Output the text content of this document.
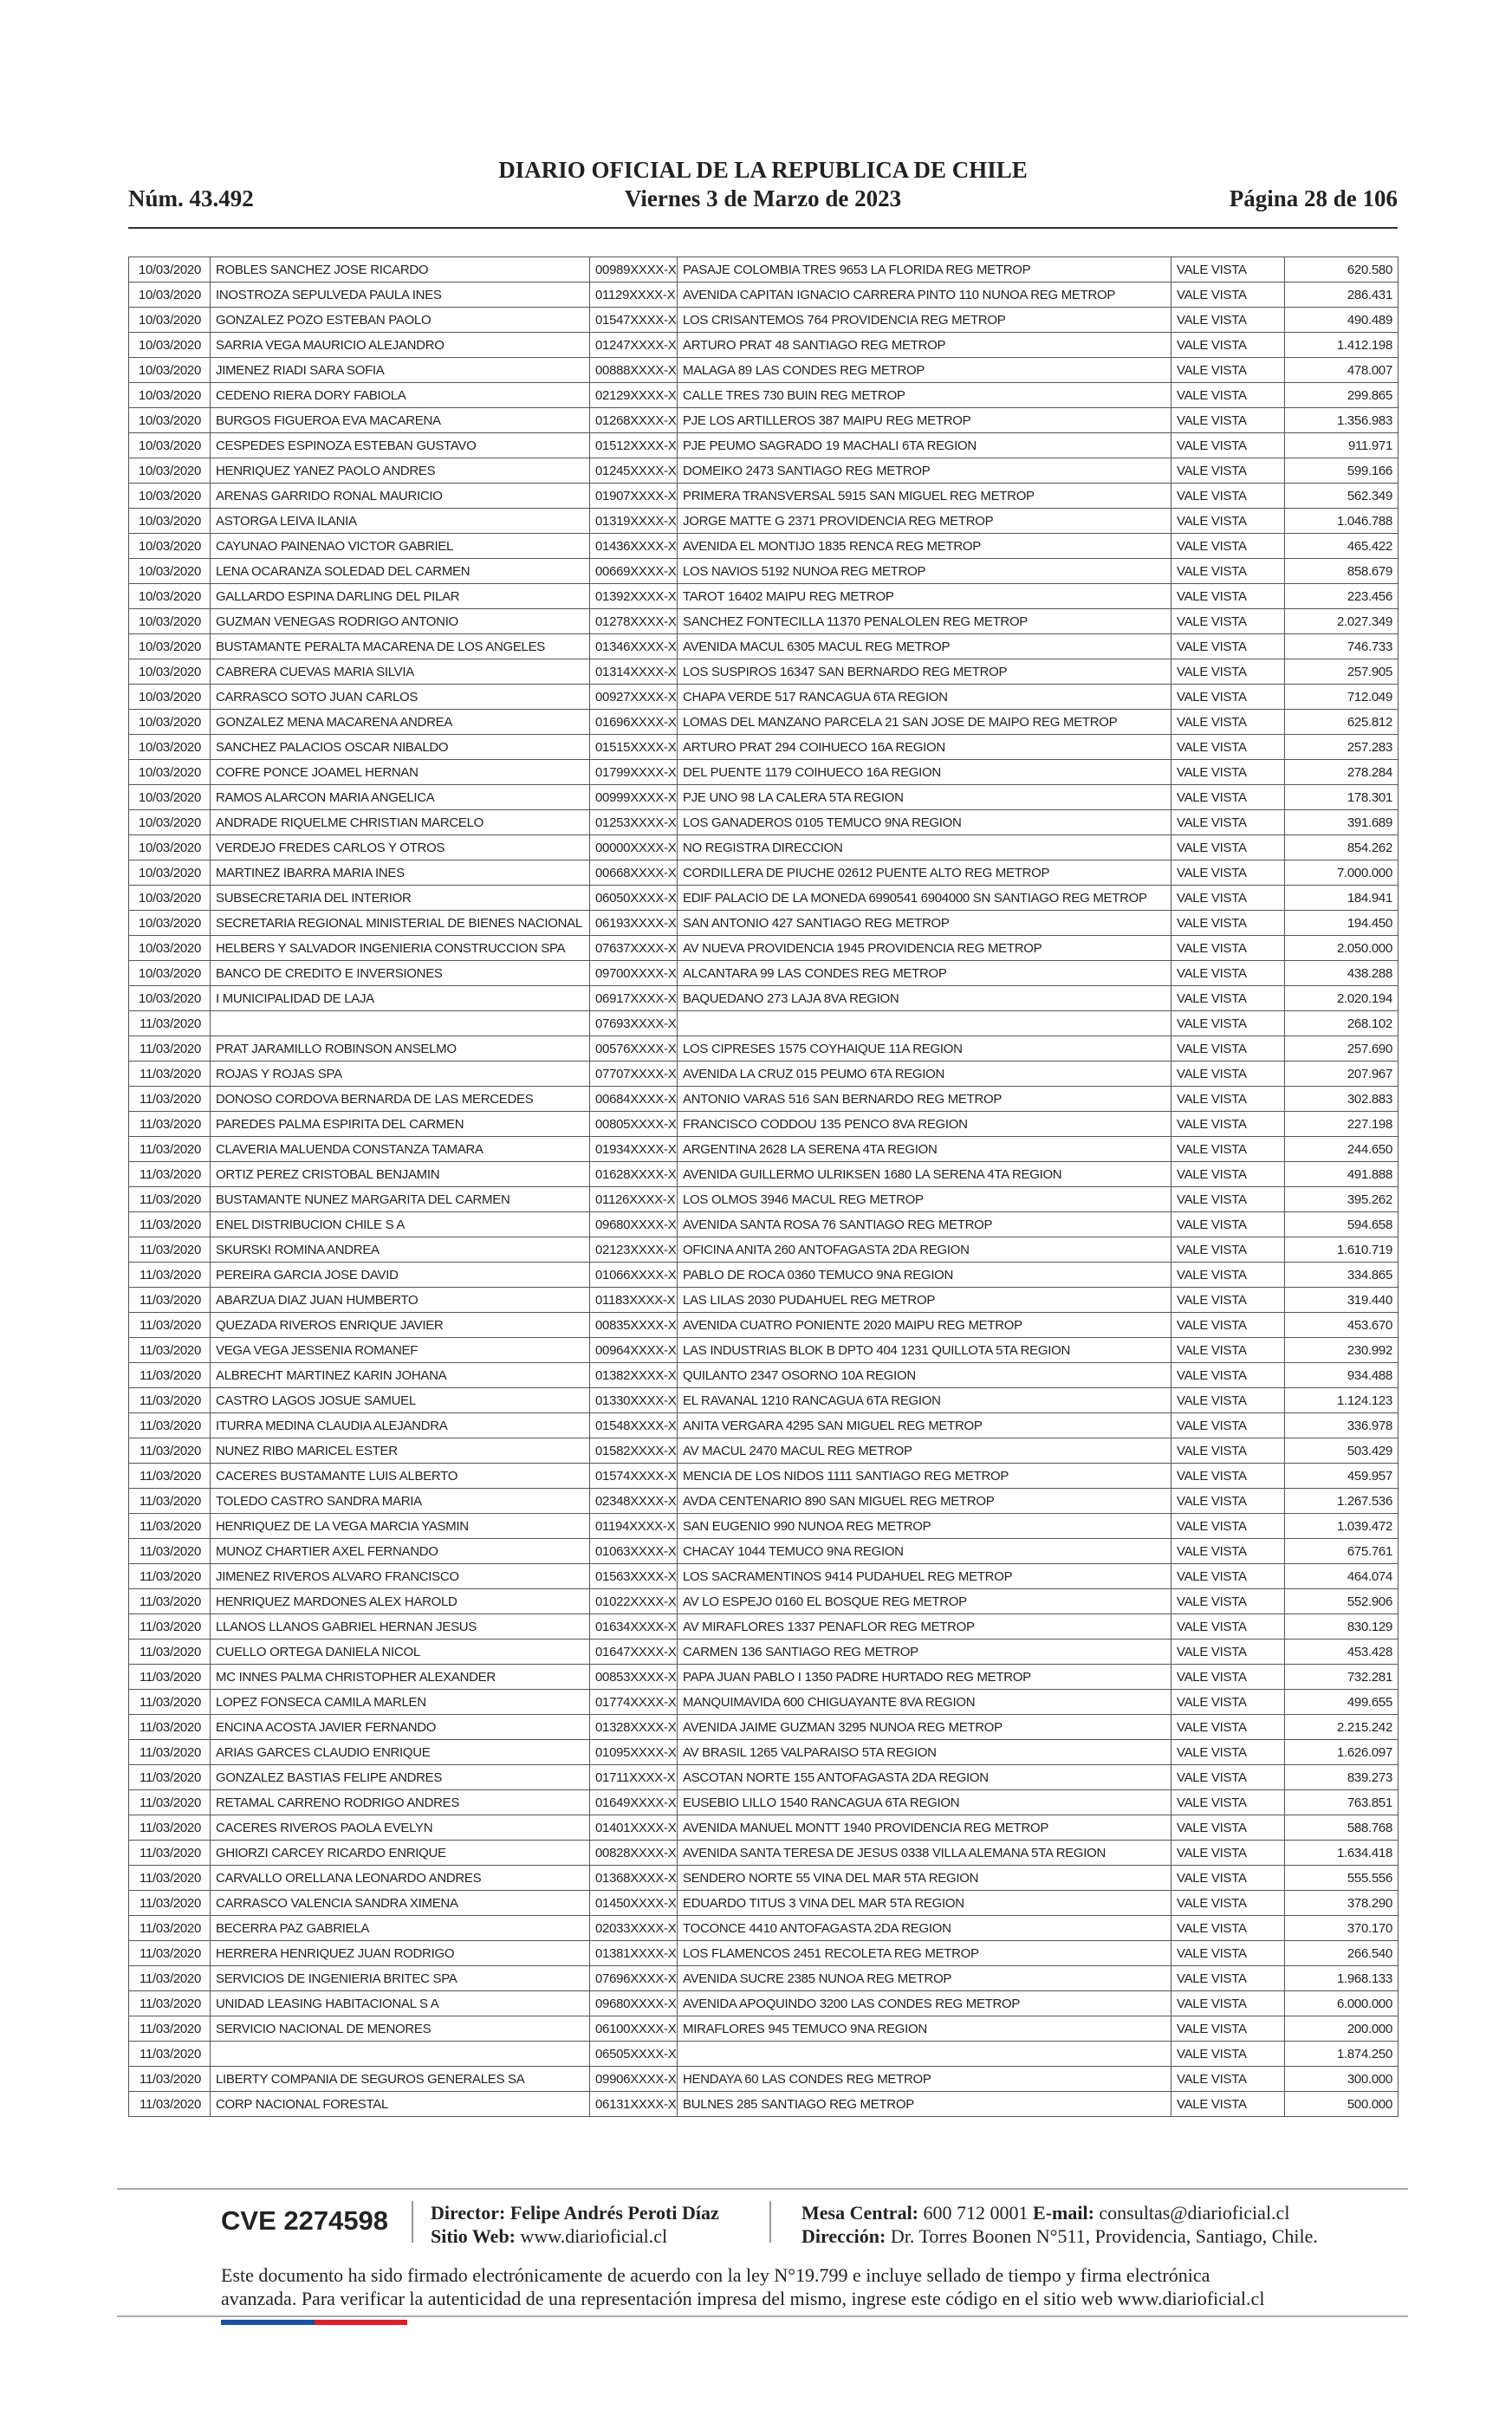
Núm. 43.492
DIARIO OFICIAL DE LA REPUBLICA DE CHILE
Viernes 3 de Marzo de 2023	Página 28 de 106
10/03/2020	ROBLES SANCHEZ JOSE RICARDO	00989XXXX-X	PASAJE COLOMBIA TRES 9653 LA FLORIDA REG METROP	VALE VISTA	620.580
10/03/2020	INOSTROZA SEPULVEDA PAULA INES	01129XXXX-X	AVENIDA CAPITAN IGNACIO CARRERA PINTO 110 NUNOA REG METROP	VALE VISTA	286.431
10/03/2020	GONZALEZ POZO ESTEBAN PAOLO	01547XXXX-X	LOS CRISANTEMOS 764 PROVIDENCIA REG METROP	VALE VISTA	490.489
10/03/2020	SARRIA VEGA MAURICIO ALEJANDRO	01247XXXX-X	ARTURO PRAT 48 SANTIAGO REG METROP	VALE VISTA	1.412.198
10/03/2020	JIMENEZ RIADI SARA SOFIA	00888XXXX-X	MALAGA 89 LAS CONDES REG METROP	VALE VISTA	478.007
10/03/2020	CEDENO RIERA DORY FABIOLA	02129XXXX-X	CALLE TRES 730 BUIN REG METROP	VALE VISTA	299.865
10/03/2020	BURGOS FIGUEROA EVA MACARENA	01268XXXX-X	PJE LOS ARTILLEROS 387 MAIPU REG METROP	VALE VISTA	1.356.983
10/03/2020	CESPEDES ESPINOZA ESTEBAN GUSTAVO	01512XXXX-X	PJE PEUMO SAGRADO 19 MACHALI 6TA REGION	VALE VISTA	911.971
10/03/2020	HENRIQUEZ YANEZ PAOLO ANDRES	01245XXXX-X	DOMEIKO 2473 SANTIAGO REG METROP	VALE VISTA	599.166
10/03/2020	ARENAS GARRIDO RONAL MAURICIO	01907XXXX-X	PRIMERA TRANSVERSAL 5915 SAN MIGUEL REG METROP	VALE VISTA	562.349
10/03/2020	ASTORGA LEIVA ILANIA	01319XXXX-X	JORGE MATTE G 2371 PROVIDENCIA REG METROP	VALE VISTA	1.046.788
10/03/2020	CAYUNAO PAINENAO VICTOR GABRIEL	01436XXXX-X	AVENIDA EL MONTIJO 1835 RENCA REG METROP	VALE VISTA	465.422
10/03/2020	LENA OCARANZA SOLEDAD DEL CARMEN	00669XXXX-X	LOS NAVIOS 5192 NUNOA REG METROP	VALE VISTA	858.679
10/03/2020	GALLARDO ESPINA DARLING DEL PILAR	01392XXXX-X	TAROT 16402 MAIPU REG METROP	VALE VISTA	223.456
10/03/2020	GUZMAN VENEGAS RODRIGO ANTONIO	01278XXXX-X	SANCHEZ FONTECILLA 11370 PENALOLEN REG METROP	VALE VISTA	2.027.349
10/03/2020	BUSTAMANTE PERALTA MACARENA DE LOS ANGELES	01346XXXX-X	AVENIDA MACUL 6305 MACUL REG METROP	VALE VISTA	746.733
10/03/2020	CABRERA CUEVAS MARIA SILVIA	01314XXXX-X	LOS SUSPIROS 16347 SAN BERNARDO REG METROP	VALE VISTA	257.905
10/03/2020	CARRASCO SOTO JUAN CARLOS	00927XXXX-X	CHAPA VERDE 517 RANCAGUA 6TA REGION	VALE VISTA	712.049
10/03/2020	GONZALEZ MENA MACARENA ANDREA	01696XXXX-X	LOMAS DEL MANZANO PARCELA 21 SAN JOSE DE MAIPO REG METROP	VALE VISTA	625.812
10/03/2020	SANCHEZ PALACIOS OSCAR NIBALDO	01515XXXX-X	ARTURO PRAT 294 COIHUECO 16A REGION	VALE VISTA	257.283
10/03/2020	COFRE PONCE JOAMEL HERNAN	01799XXXX-X	DEL PUENTE 1179 COIHUECO 16A REGION	VALE VISTA	278.284
10/03/2020	RAMOS ALARCON MARIA ANGELICA	00999XXXX-X	PJE UNO 98 LA CALERA 5TA REGION	VALE VISTA	178.301
10/03/2020	ANDRADE RIQUELME CHRISTIAN MARCELO	01253XXXX-X	LOS GANADEROS 0105 TEMUCO 9NA REGION	VALE VISTA	391.689
10/03/2020	VERDEJO FREDES CARLOS Y OTROS	00000XXXX-X	NO REGISTRA DIRECCION	VALE VISTA	854.262
10/03/2020	MARTINEZ IBARRA MARIA INES	00668XXXX-X	CORDILLERA DE PIUCHE 02612 PUENTE ALTO REG METROP	VALE VISTA	7.000.000
10/03/2020	SUBSECRETARIA DEL INTERIOR	06050XXXX-X	EDIF PALACIO DE LA MONEDA 6990541 6904000 SN SANTIAGO REG METROP	VALE VISTA	184.941
10/03/2020	SECRETARIA REGIONAL MINISTERIAL DE BIENES NACIONAL	06193XXXX-X	SAN ANTONIO 427 SANTIAGO REG METROP	VALE VISTA	194.450
10/03/2020	HELBERS Y SALVADOR INGENIERIA CONSTRUCCION SPA	07637XXXX-X	AV NUEVA PROVIDENCIA 1945 PROVIDENCIA REG METROP	VALE VISTA	2.050.000
10/03/2020	BANCO DE CREDITO E INVERSIONES	09700XXXX-X	ALCANTARA 99 LAS CONDES REG METROP	VALE VISTA	438.288
10/03/2020	I MUNICIPALIDAD DE LAJA	06917XXXX-X	BAQUEDANO 273 LAJA 8VA REGION	VALE VISTA	2.020.194
11/03/2020		07693XXXX-X		VALE VISTA	268.102
11/03/2020	PRAT JARAMILLO ROBINSON ANSELMO	00576XXXX-X	LOS CIPRESES 1575 COYHAIQUE 11A REGION	VALE VISTA	257.690
11/03/2020	ROJAS Y ROJAS SPA	07707XXXX-X	AVENIDA LA CRUZ 015 PEUMO 6TA REGION	VALE VISTA	207.967
11/03/2020	DONOSO CORDOVA BERNARDA DE LAS MERCEDES	00684XXXX-X	ANTONIO VARAS 516 SAN BERNARDO REG METROP	VALE VISTA	302.883
11/03/2020	PAREDES PALMA ESPIRITA DEL CARMEN	00805XXXX-X	FRANCISCO CODDOU 135 PENCO 8VA REGION	VALE VISTA	227.198
11/03/2020	CLAVERIA MALUENDA CONSTANZA TAMARA	01934XXXX-X	ARGENTINA 2628 LA SERENA 4TA REGION	VALE VISTA	244.650
11/03/2020	ORTIZ PEREZ CRISTOBAL BENJAMIN	01628XXXX-X	AVENIDA GUILLERMO ULRIKSEN 1680 LA SERENA 4TA REGION	VALE VISTA	491.888
11/03/2020	BUSTAMANTE NUNEZ MARGARITA DEL CARMEN	01126XXXX-X	LOS OLMOS 3946 MACUL REG METROP	VALE VISTA	395.262
11/03/2020	ENEL DISTRIBUCION CHILE S A	09680XXXX-X	AVENIDA SANTA ROSA 76 SANTIAGO REG METROP	VALE VISTA	594.658
11/03/2020	SKURSKI ROMINA ANDREA	02123XXXX-X	OFICINA ANITA 260 ANTOFAGASTA 2DA REGION	VALE VISTA	1.610.719
11/03/2020	PEREIRA GARCIA JOSE DAVID	01066XXXX-X	PABLO DE ROCA 0360 TEMUCO 9NA REGION	VALE VISTA	334.865
11/03/2020	ABARZUA DIAZ JUAN HUMBERTO	01183XXXX-X	LAS LILAS 2030 PUDAHUEL REG METROP	VALE VISTA	319.440
11/03/2020	QUEZADA RIVEROS ENRIQUE JAVIER	00835XXXX-X	AVENIDA CUATRO PONIENTE 2020 MAIPU REG METROP	VALE VISTA	453.670
11/03/2020	VEGA VEGA JESSENIA ROMANEF	00964XXXX-X	LAS INDUSTRIAS BLOK B DPTO 404 1231 QUILLOTA 5TA REGION	VALE VISTA	230.992
11/03/2020	ALBRECHT MARTINEZ KARIN JOHANA	01382XXXX-X	QUILANTO 2347 OSORNO 10A REGION	VALE VISTA	934.488
11/03/2020	CASTRO LAGOS JOSUE SAMUEL	01330XXXX-X	EL RAVANAL 1210 RANCAGUA 6TA REGION	VALE VISTA	1.124.123
11/03/2020	ITURRA MEDINA CLAUDIA ALEJANDRA	01548XXXX-X	ANITA VERGARA 4295 SAN MIGUEL REG METROP	VALE VISTA	336.978
11/03/2020	NUNEZ RIBO MARICEL ESTER	01582XXXX-X	AV MACUL 2470 MACUL REG METROP	VALE VISTA	503.429
11/03/2020	CACERES BUSTAMANTE LUIS ALBERTO	01574XXXX-X	MENCIA DE LOS NIDOS 1111 SANTIAGO REG METROP	VALE VISTA	459.957
11/03/2020	TOLEDO CASTRO SANDRA MARIA	02348XXXX-X	AVDA CENTENARIO 890 SAN MIGUEL REG METROP	VALE VISTA	1.267.536
11/03/2020	HENRIQUEZ DE LA VEGA MARCIA YASMIN	01194XXXX-X	SAN EUGENIO 990 NUNOA REG METROP	VALE VISTA	1.039.472
11/03/2020	MUNOZ CHARTIER AXEL FERNANDO	01063XXXX-X	CHACAY 1044 TEMUCO 9NA REGION	VALE VISTA	675.761
11/03/2020	JIMENEZ RIVEROS ALVARO FRANCISCO	01563XXXX-X	LOS SACRAMENTINOS 9414 PUDAHUEL REG METROP	VALE VISTA	464.074
11/03/2020	HENRIQUEZ MARDONES ALEX HAROLD	01022XXXX-X	AV LO ESPEJO 0160 EL BOSQUE REG METROP	VALE VISTA	552.906
11/03/2020	LLANOS LLANOS GABRIEL HERNAN JESUS	01634XXXX-X	AV MIRAFLORES 1337 PENAFLOR REG METROP	VALE VISTA	830.129
11/03/2020	CUELLO ORTEGA DANIELA NICOL	01647XXXX-X	CARMEN 136 SANTIAGO REG METROP	VALE VISTA	453.428
11/03/2020	MC INNES PALMA CHRISTOPHER ALEXANDER	00853XXXX-X	PAPA JUAN PABLO I 1350 PADRE HURTADO REG METROP	VALE VISTA	732.281
11/03/2020	LOPEZ FONSECA CAMILA MARLEN	01774XXXX-X	MANQUIMAVIDA 600 CHIGUAYANTE 8VA REGION	VALE VISTA	499.655
11/03/2020	ENCINA ACOSTA JAVIER FERNANDO	01328XXXX-X	AVENIDA JAIME GUZMAN 3295 NUNOA REG METROP	VALE VISTA	2.215.242
11/03/2020	ARIAS GARCES CLAUDIO ENRIQUE	01095XXXX-X	AV BRASIL 1265 VALPARAISO 5TA REGION	VALE VISTA	1.626.097
11/03/2020	GONZALEZ BASTIAS FELIPE ANDRES	01711XXXX-X	ASCOTAN NORTE 155 ANTOFAGASTA 2DA REGION	VALE VISTA	839.273
11/03/2020	RETAMAL CARRENO RODRIGO ANDRES	01649XXXX-X	EUSEBIO LILLO 1540 RANCAGUA 6TA REGION	VALE VISTA	763.851
11/03/2020	CACERES RIVEROS PAOLA EVELYN	01401XXXX-X	AVENIDA MANUEL MONTT 1940 PROVIDENCIA REG METROP	VALE VISTA	588.768
11/03/2020	GHIORZI CARCEY RICARDO ENRIQUE	00828XXXX-X	AVENIDA SANTA TERESA DE JESUS 0338 VILLA ALEMANA 5TA REGION	VALE VISTA	1.634.418
11/03/2020	CARVALLO ORELLANA LEONARDO ANDRES	01368XXXX-X	SENDERO NORTE 55 VINA DEL MAR 5TA REGION	VALE VISTA	555.556
11/03/2020	CARRASCO VALENCIA SANDRA XIMENA	01450XXXX-X	EDUARDO TITUS 3 VINA DEL MAR 5TA REGION	VALE VISTA	378.290
11/03/2020	BECERRA PAZ GABRIELA	02033XXXX-X	TOCONCE 4410 ANTOFAGASTA 2DA REGION	VALE VISTA	370.170
11/03/2020	HERRERA HENRIQUEZ JUAN RODRIGO	01381XXXX-X	LOS FLAMENCOS 2451 RECOLETA REG METROP	VALE VISTA	266.540
11/03/2020	SERVICIOS DE INGENIERIA BRITEC SPA	07696XXXX-X	AVENIDA SUCRE 2385 NUNOA REG METROP	VALE VISTA	1.968.133
11/03/2020	UNIDAD LEASING HABITACIONAL S A	09680XXXX-X	AVENIDA APOQUINDO 3200 LAS CONDES REG METROP	VALE VISTA	6.000.000
11/03/2020	SERVICIO NACIONAL DE MENORES	06100XXXX-X	MIRAFLORES 945 TEMUCO 9NA REGION	VALE VISTA	200.000
11/03/2020		06505XXXX-X		VALE VISTA	1.874.250
11/03/2020	LIBERTY COMPANIA DE SEGUROS GENERALES SA	09906XXXX-X	HENDAYA 60 LAS CONDES REG METROP	VALE VISTA	300.000
11/03/2020	CORP NACIONAL FORESTAL	06131XXXX-X	BULNES 285 SANTIAGO REG METROP	VALE VISTA	500.000
CVE 2274598 Director: Felipe Andrés Peroti Díaz
Sitio Web: www.diarioficial.cl
Mesa Central: 600 712 0001 E-mail: consultas@diarioficial.cl
Dirección: Dr. Torres Boonen N°511, Providencia, Santiago, Chile.
Este documento ha sido firmado electrónicamente de acuerdo con la ley N°19.799 e incluye sellado de tiempo y firma electrónica
avanzada. Para verificar la autenticidad de una representación impresa del mismo, ingrese este código en el sitio web www.diarioficial.cl
